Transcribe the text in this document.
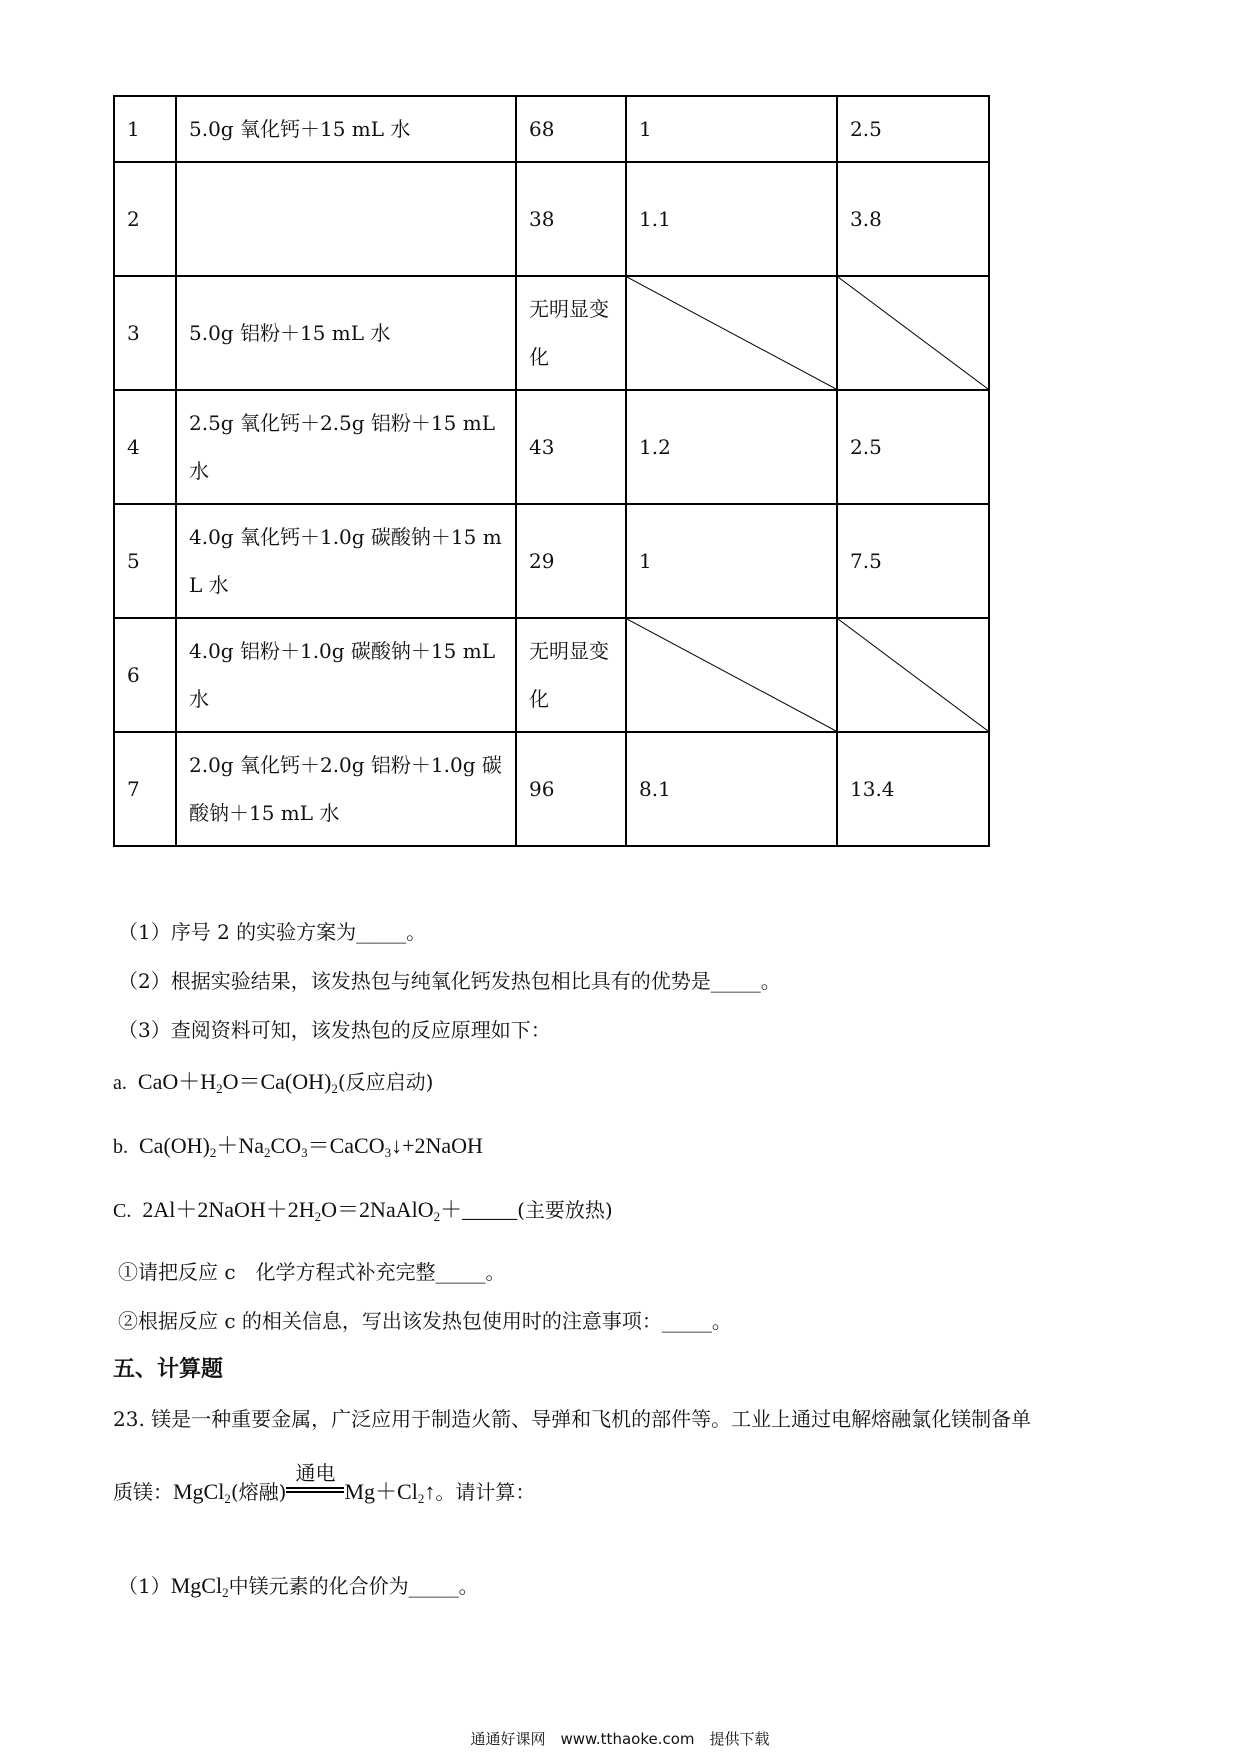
1	5.0g 氧化钙＋15 mL 水	68	1	2.5
2		38	1.1	3.8
3	5.0g 铝粉＋15 mL 水	无明显变化	

4	2.5g 氧化钙＋2.5g 铝粉＋15 mL 水	43	1.2	2.5
5	4.0g 氧化钙＋1.0g 碳酸钠＋15 mL 水	29	1	7.5
6	4.0g 铝粉＋1.0g 碳酸钠＋15 mL 水	无明显变化	

7	2.0g 氧化钙＋2.0g 铝粉＋1.0g 碳酸钠＋15 mL 水	96	8.1	13.4
（1）序号 2 的实验方案为_____。
（2）根据实验结果，该发热包与纯氧化钙发热包相比具有的优势是_____。
（3）查阅资料可知，该发热包的反应原理如下：
a.  $CaO+H_2O=Ca(OH)_2$(反应启动)
b.  $Ca(OH)_2+Na_2CO_3=CaCO_3↓+2NaOH$
C.  $2Al+2NaOH+2H_2O=2NaAlO_2+\_\_\_\_\_$(主要放热)
①请把反应 c　化学方程式补充完整_____。
②根据反应 c 的相关信息，写出该发热包使用时的注意事项：_____。
五、计算题
23. 镁是一种重要金属，广泛应用于制造火箭、导弹和飞机的部件等。工业上通过电解熔融氯化镁制备单
质镁：MgCl$_2$(熔融)
通电
$Mg+Cl_2↑$。请计算：
（1）MgCl$_2$中镁元素的化合价为_____。
通通好课网　www.tthaoke.com　提供下载
